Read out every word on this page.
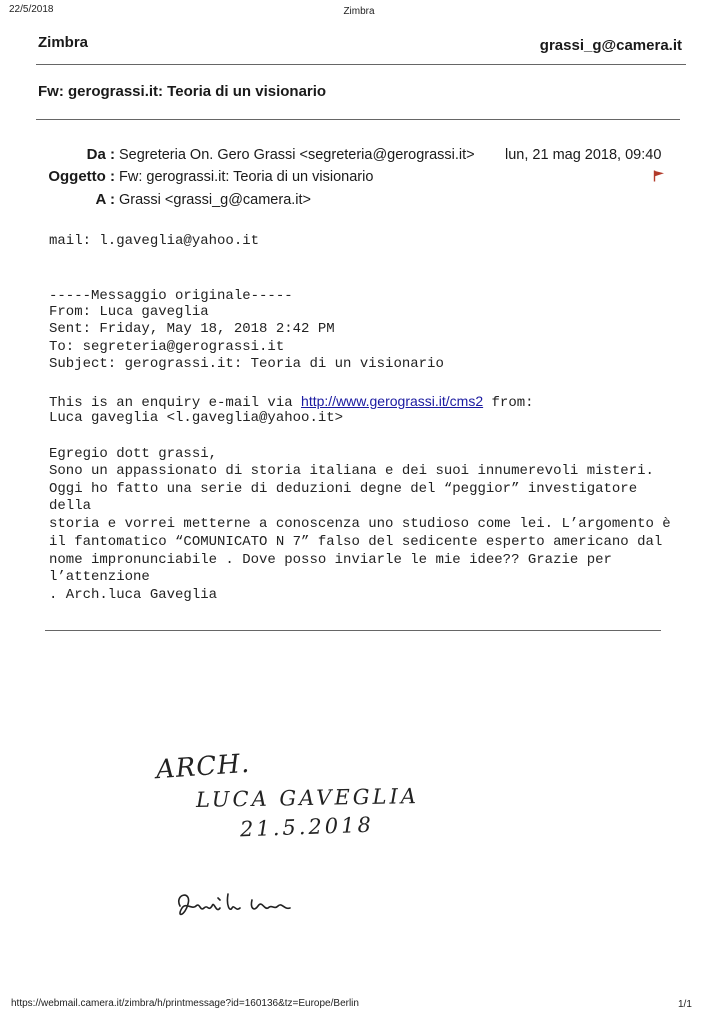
22/5/2018	Zimbra
Zimbra	grassi_g@camera.it
Fw: gerograssi.it: Teoria di un visionario
Da : Segreteria On. Gero Grassi <segreteria@gerograssi.it> lun, 21 mag 2018, 09:40
Oggetto : Fw: gerograssi.it: Teoria di un visionario
A : Grassi <grassi_g@camera.it>
mail: l.gaveglia@yahoo.it
-----Messaggio originale-----
From: Luca gaveglia
Sent: Friday, May 18, 2018 2:42 PM
To: segreteria@gerograssi.it
Subject: gerograssi.it: Teoria di un visionario
This is an enquiry e-mail via http://www.gerograssi.it/cms2 from:
Luca gaveglia <l.gaveglia@yahoo.it>
Egregio dott grassi,
Sono un appassionato di storia italiana e dei suoi innumerevoli misteri.
Oggi ho fatto una serie di deduzioni degne del “peggior” investigatore
della
storia e vorrei metterne a conoscenza uno studioso come lei. L’argomento è
il fantomatico “COMUNICATO N 7” falso del sedicente esperto americano dal
nome impronunciabile . Dove posso inviarle le mie idee?? Grazie per
l’attenzione
. Arch.luca Gaveglia
ARCH.
LUCA GAVEGLIA
21.5.2018

https://webmail.camera.it/zimbra/h/printmessage?id=160136&tz=Europe/Berlin	1/1
